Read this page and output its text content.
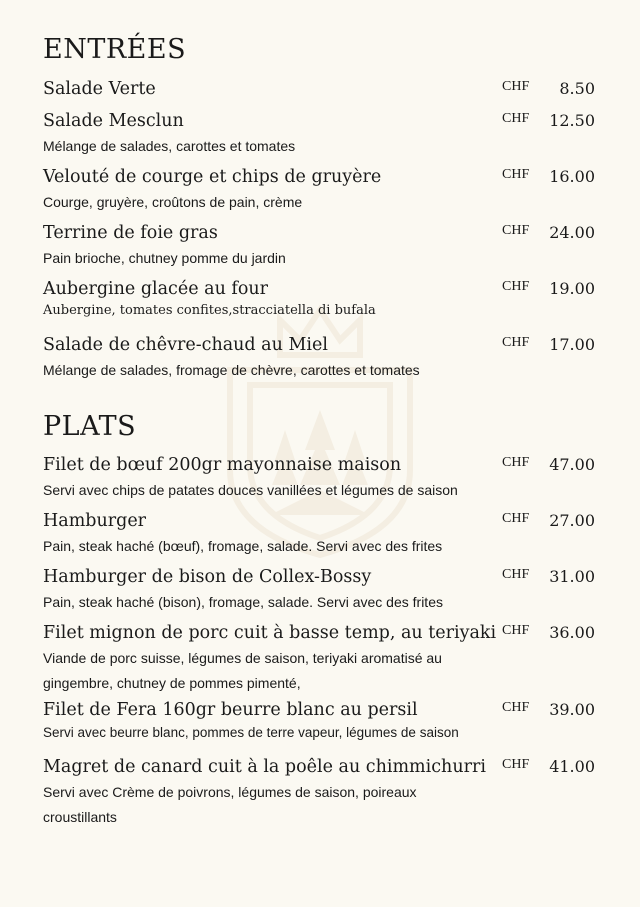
ENTRÉES
Salade Verte	CHF 8.50
Salade Mesclun
Mélange de salades, carottes et tomates
CHF 12.50
Velouté de courge et chips de gruyère
Courge, gruyère, croûtons de pain, crème
CHF 16.00
Terrine de foie gras
Pain brioche, chutney pomme du jardin
CHF 24.00
Aubergine glacée au four
Aubergine, tomates confites,stracciatella di bufala
CHF 19.00
Salade de chêvre-chaud au Miel
Mélange de salades, fromage de chèvre, carottes et tomates
CHF 17.00
PLATS
Filet de bœuf 200gr mayonnaise maison
Servi avec chips de patates douces vanillées et légumes de saison
CHF 47.00
Hamburger
Pain, steak haché (bœuf), fromage, salade. Servi avec des frites
CHF 27.00
Hamburger de bison de Collex-Bossy
Pain, steak haché (bison), fromage, salade. Servi avec des frites
CHF 31.00
Filet mignon de porc cuit à basse temp, au teriyaki
Viande de porc suisse, légumes de saison, teriyaki aromatisé au gingembre, chutney de pommes pimenté,
CHF 36.00
Filet de Fera 160gr beurre blanc au persil
Servi avec beurre blanc, pommes de terre vapeur, légumes de saison
CHF 39.00
Magret de canard cuit à la poêle au chimmichurri
Servi avec Crème de poivrons, légumes de saison, poireaux croustillants
CHF 41.00
